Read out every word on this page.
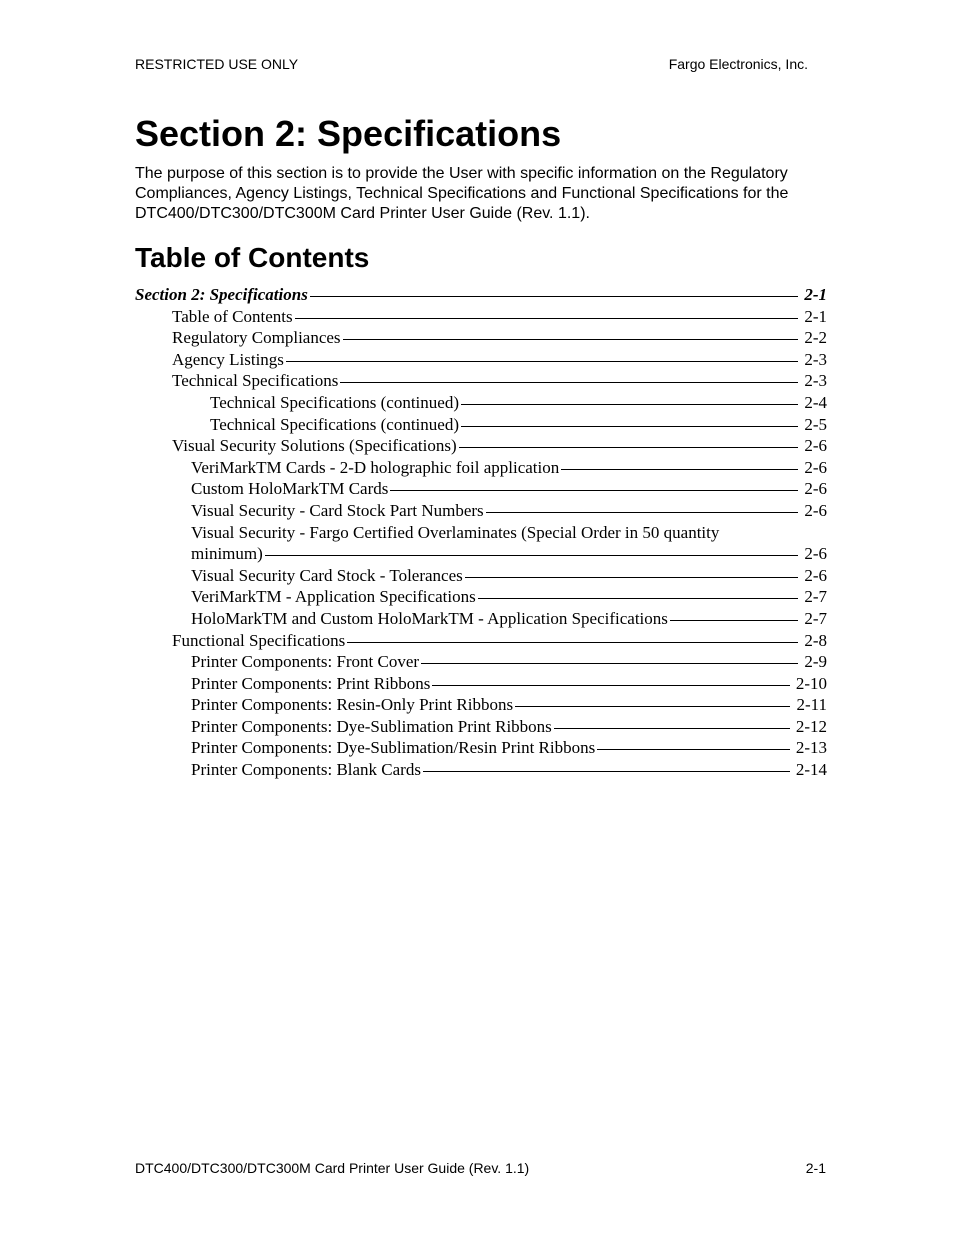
RESTRICTED USE ONLY	Fargo Electronics, Inc.
Section 2: Specifications

The purpose of this section is to provide the User with specific information on the Regulatory Compliances, Agency Listings, Technical Specifications and Functional Specifications for the DTC400/DTC300/DTC300M Card Printer User Guide (Rev. 1.1).

Table of Contents
Section 2: Specifications	2-1
Table of Contents	2-1
Regulatory Compliances	2-2
Agency Listings	2-3
Technical Specifications	2-3
Technical Specifications (continued)	2-4
Technical Specifications (continued)	2-5
Visual Security Solutions (Specifications)	2-6
VeriMarkTM Cards - 2-D holographic foil application	2-6
Custom HoloMarkTM Cards	2-6
Visual Security - Card Stock Part Numbers	2-6
Visual Security - Fargo Certified Overlaminates (Special Order in 50 quantity
minimum)	2-6
Visual Security Card Stock - Tolerances	2-6
VeriMarkTM - Application Specifications	2-7
HoloMarkTM and Custom HoloMarkTM - Application Specifications	2-7
Functional Specifications	2-8
Printer Components: Front Cover	2-9
Printer Components: Print Ribbons	2-10
Printer Components: Resin-Only Print Ribbons	2-11
Printer Components: Dye-Sublimation Print Ribbons	2-12
Printer Components: Dye-Sublimation/Resin Print Ribbons	2-13
Printer Components: Blank Cards	2-14
DTC400/DTC300/DTC300M Card Printer User Guide (Rev. 1.1)	2-1
